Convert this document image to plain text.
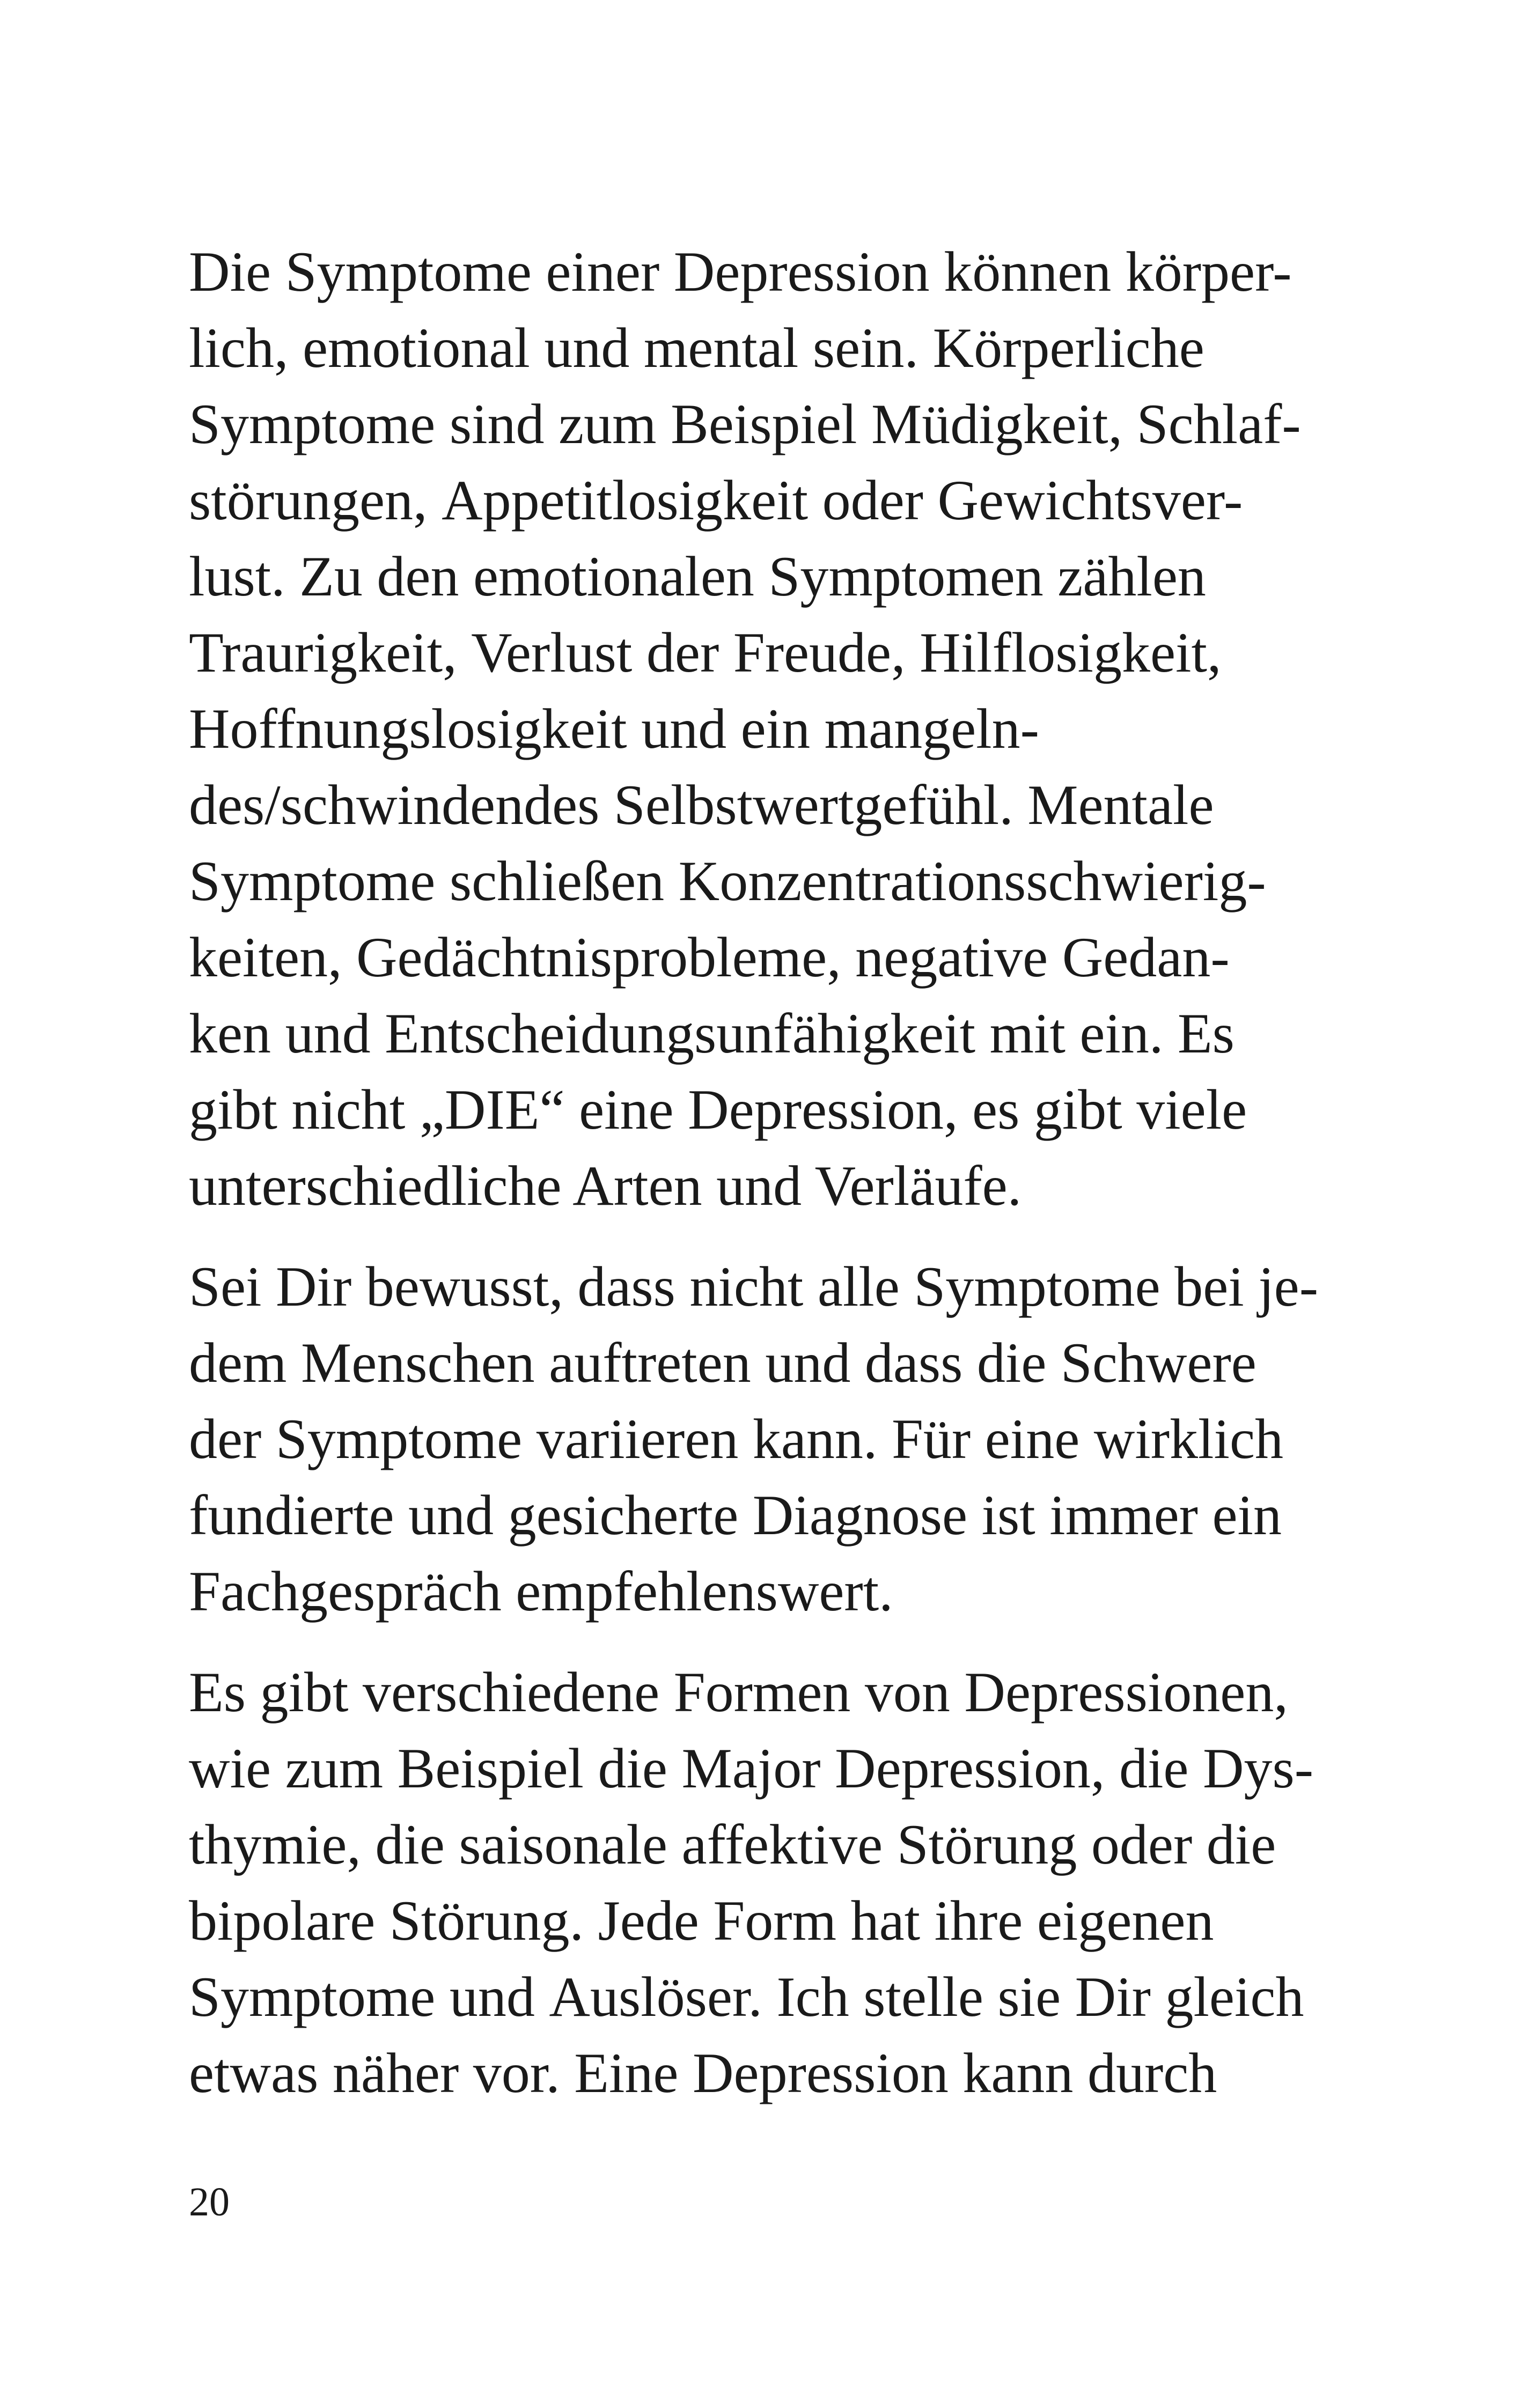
Die Symptome einer Depression können körper-
lich, emotional und mental sein. Körperliche
Symptome sind zum Beispiel Müdigkeit, Schlaf-
störungen, Appetitlosigkeit oder Gewichtsver-
lust. Zu den emotionalen Symptomen zählen
Traurigkeit, Verlust der Freude, Hilflosigkeit,
Hoffnungslosigkeit und ein mangeln-
des/schwindendes Selbstwertgefühl. Mentale
Symptome schließen Konzentrationsschwierig-
keiten, Gedächtnisprobleme, negative Gedan-
ken und Entscheidungsunfähigkeit mit ein. Es
gibt nicht „DIE“ eine Depression, es gibt viele
unterschiedliche Arten und Verläufe.
Sei Dir bewusst, dass nicht alle Symptome bei je-
dem Menschen auftreten und dass die Schwere
der Symptome variieren kann. Für eine wirklich
fundierte und gesicherte Diagnose ist immer ein
Fachgespräch empfehlenswert.
Es gibt verschiedene Formen von Depressionen,
wie zum Beispiel die Major Depression, die Dys-
thymie, die saisonale affektive Störung oder die
bipolare Störung. Jede Form hat ihre eigenen
Symptome und Auslöser. Ich stelle sie Dir gleich
etwas näher vor. Eine Depression kann durch
20
